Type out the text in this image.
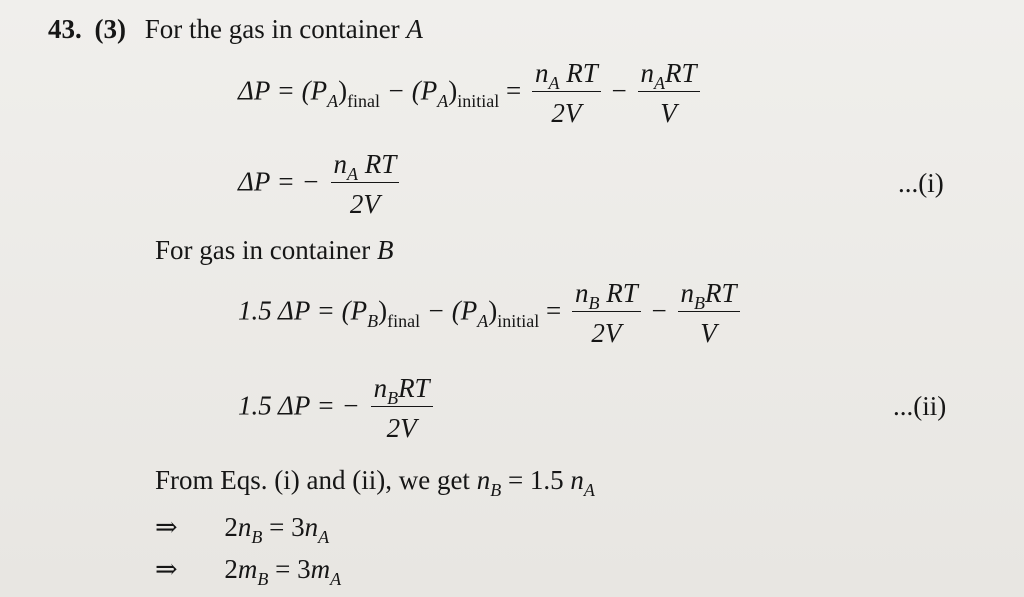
43. (3) For the gas in container A
$\Delta P = (P_A)_{final} - (P_A)_{initial} = \frac{n_A RT}{2V} - \frac{n_ART}{V}$
ΔP = − $\frac{n_A RT}{2V}$	...(i)
For gas in container B
1.5 $\Delta P = (P_B)_{final} - (P_A)_{initial} = \frac{n_B RT}{2V} - \frac{n_BRT}{V}$
1.5 ΔP = − $\frac{n_BRT}{2V}$	...(ii)
From Eqs. (i) and (ii), we get $n_B = 1.5$ $n_A$
⇒ $2n_B = 3n_A$
⇒ $2m_B = 3m_A$
